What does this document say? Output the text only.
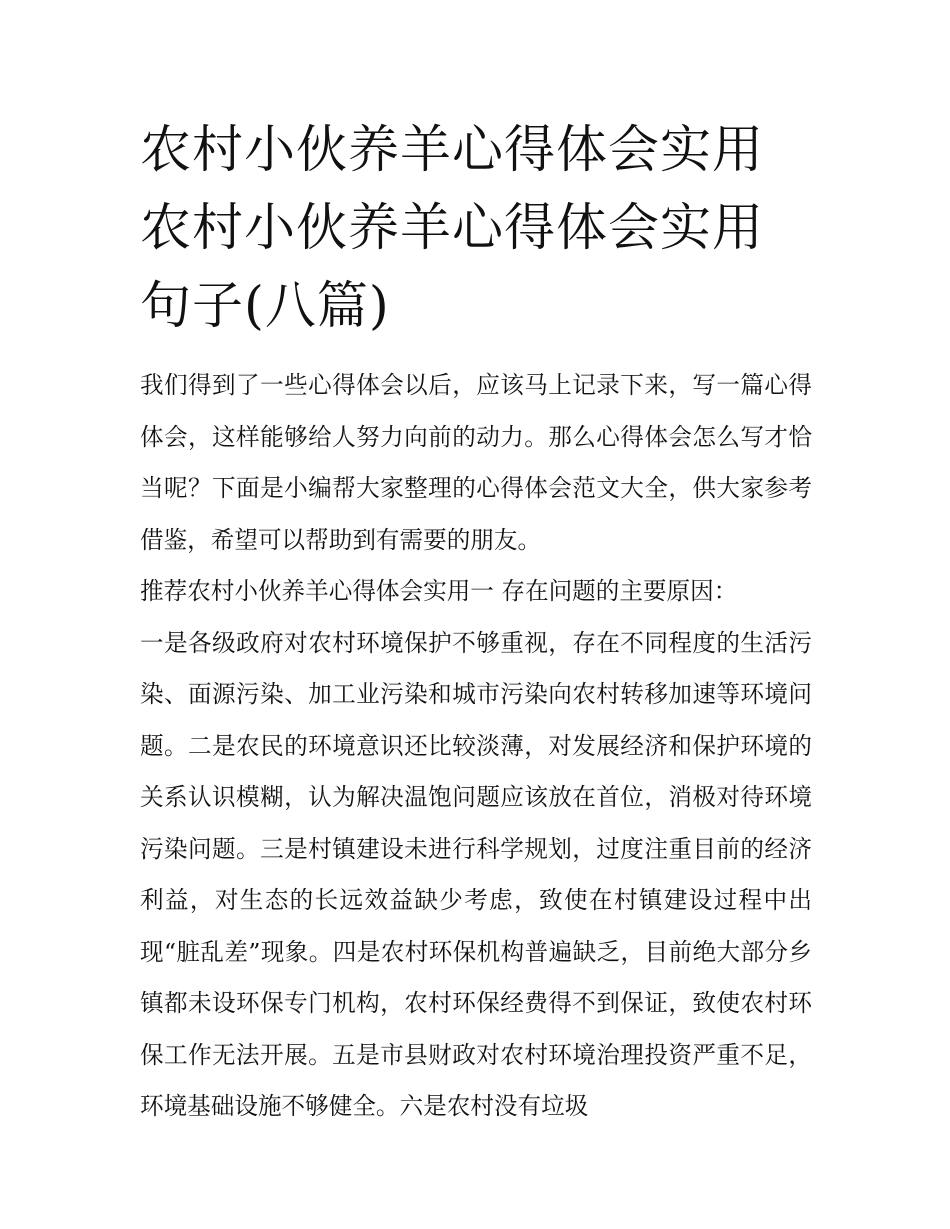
农村小伙养羊心得体会实用 农村小伙养羊心得体会实用句子(八篇)

我们得到了一些心得体会以后，应该马上记录下来，写一篇心得体会，这样能够给人努力向前的动力。那么心得体会怎么写才恰当呢？下面是小编帮大家整理的心得体会范文大全，供大家参考借鉴，希望可以帮助到有需要的朋友。

推荐农村小伙养羊心得体会实用一 存在问题的主要原因：

一是各级政府对农村环境保护不够重视，存在不同程度的生活污染、面源污染、加工业污染和城市污染向农村转移加速等环境问题。二是农民的环境意识还比较淡薄，对发展经济和保护环境的关系认识模糊，认为解决温饱问题应该放在首位，消极对待环境污染问题。三是村镇建设未进行科学规划，过度注重目前的经济利益，对生态的长远效益缺少考虑，致使在村镇建设过程中出现“脏乱差”现象。四是农村环保机构普遍缺乏，目前绝大部分乡镇都未设环保专门机构，农村环保经费得不到保证，致使农村环保工作无法开展。五是市县财政对农村环境治理投资严重不足，环境基础设施不够健全。六是农村没有垃圾
